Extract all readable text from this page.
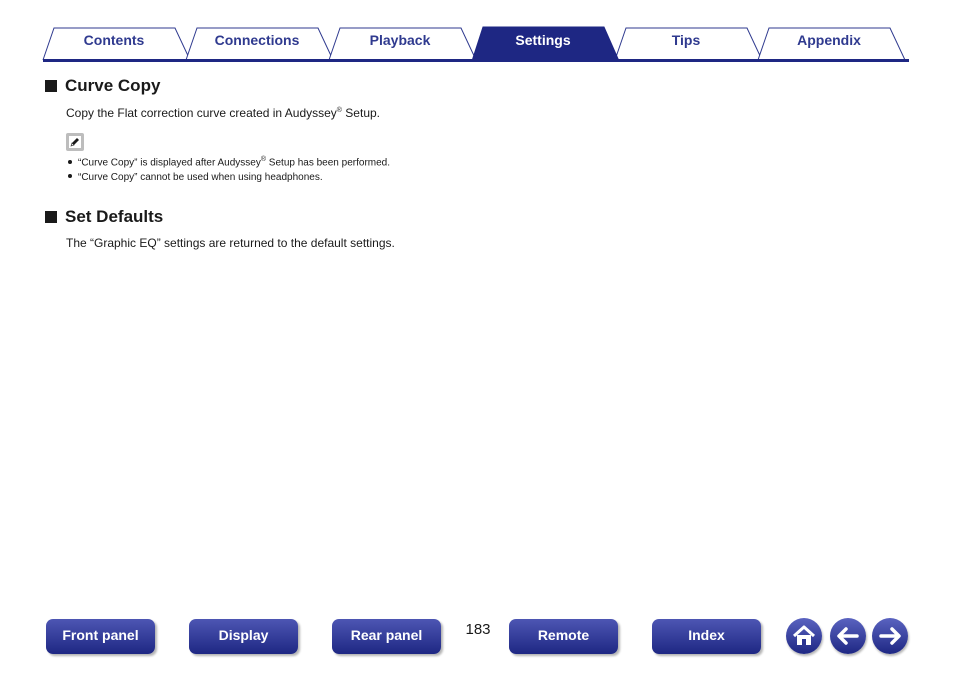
Contents	Connections	Playback	Settings	Tips	Appendix
Curve Copy
Copy the Flat correction curve created in Audyssey® Setup.
“Curve Copy” is displayed after Audyssey® Setup has been performed.
“Curve Copy” cannot be used when using headphones.
Set Defaults
The “Graphic EQ” settings are returned to the default settings.
Front panel	Display	Rear panel	183	Remote	Index
